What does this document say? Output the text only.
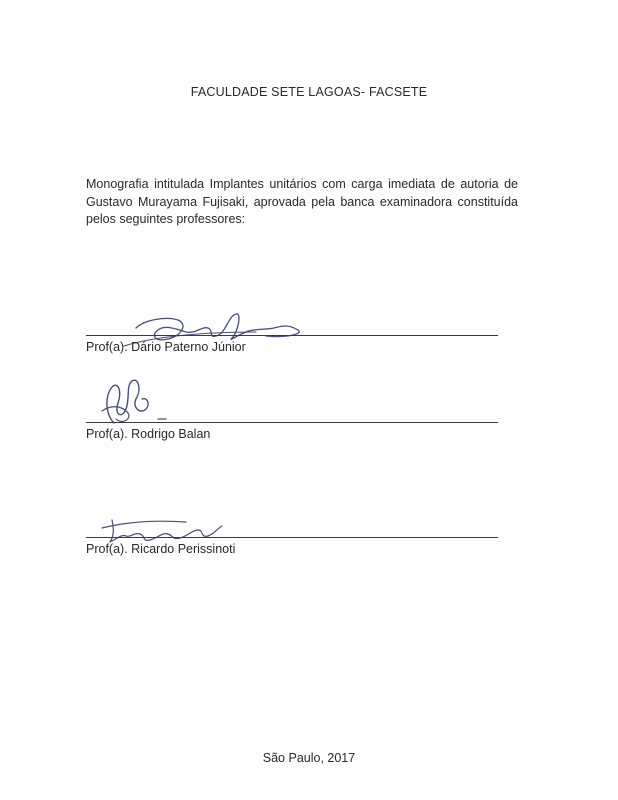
FACULDADE SETE LAGOAS- FACSETE
Monografia intitulada Implantes unitários com carga imediata de autoria de Gustavo Murayama Fujisaki, aprovada pela banca examinadora constituída pelos seguintes professores:
Prof(a). Dário Paterno Júnior
Prof(a). Rodrigo Balan
Prof(a). Ricardo Perissinoti
São Paulo, 2017
